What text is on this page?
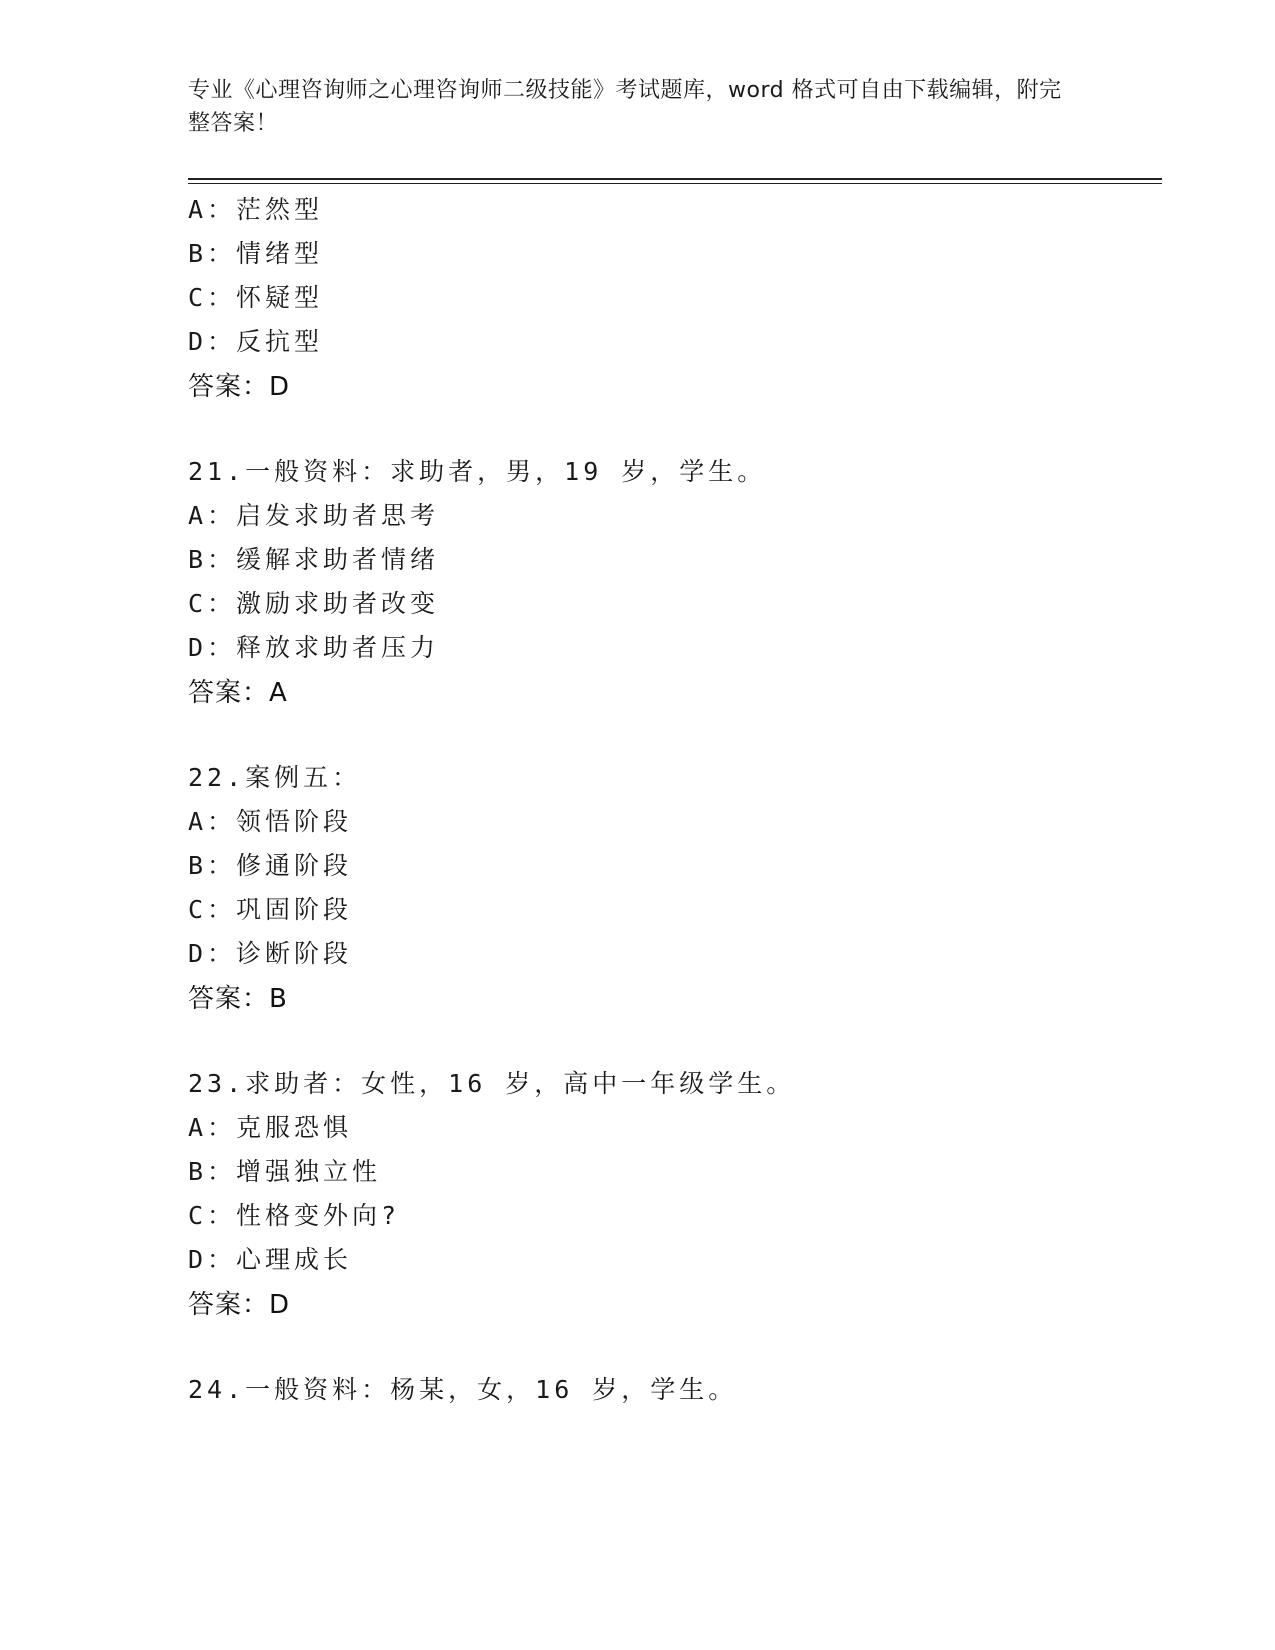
专业《心理咨询师之心理咨询师二级技能》考试题库，word 格式可自由下载编辑，附完整答案！
A：茫然型
B：情绪型
C：怀疑型
D：反抗型
答案：D
21.一般资料：求助者，男，19 岁，学生。
A：启发求助者思考
B：缓解求助者情绪
C：激励求助者改变
D：释放求助者压力
答案：A
22.案例五：
A：领悟阶段
B：修通阶段
C：巩固阶段
D：诊断阶段
答案：B
23.求助者：女性，16 岁，高中一年级学生。
A：克服恐惧
B：增强独立性
C：性格变外向?
D：心理成长
答案：D
24.一般资料：杨某，女，16 岁，学生。
